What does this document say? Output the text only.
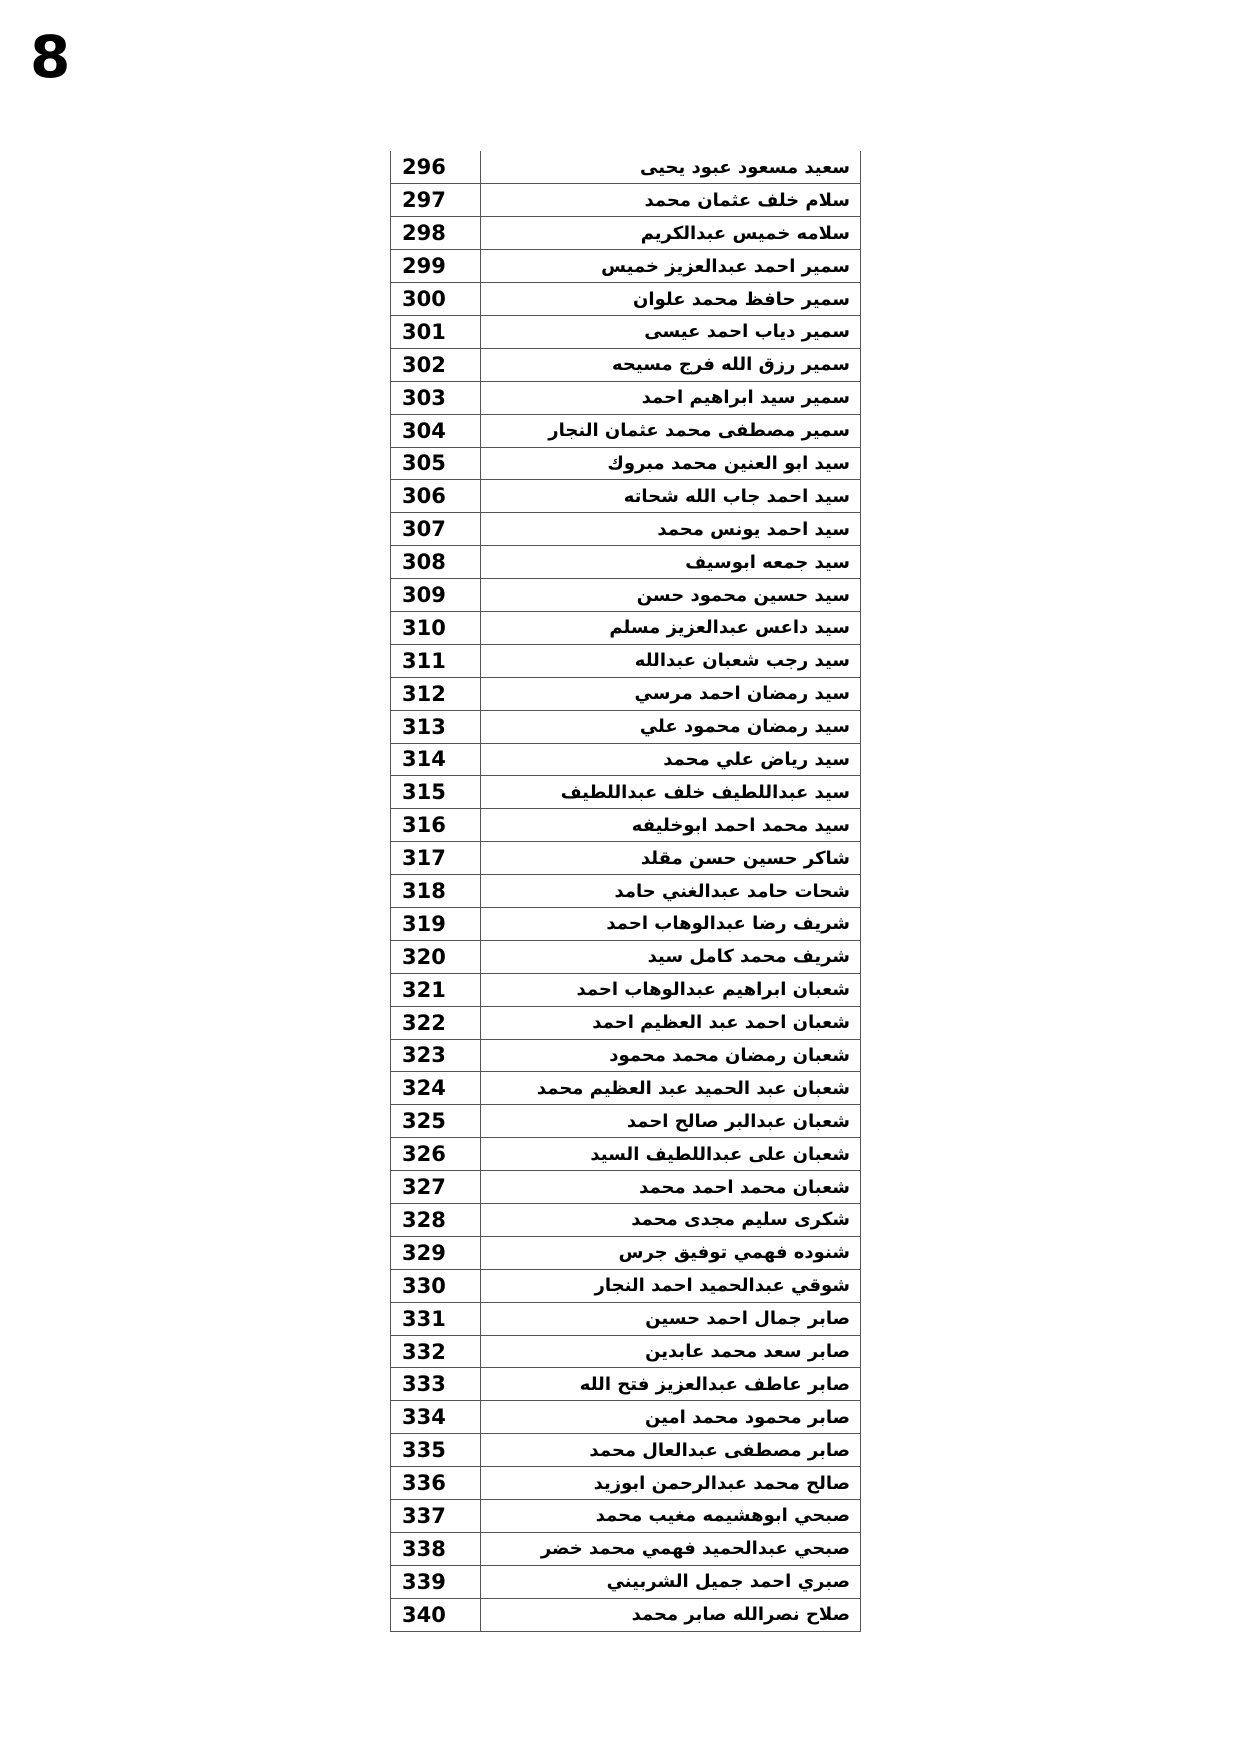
8
296	سعيد مسعود عبود يحيى
297	سلام خلف عثمان محمد
298	سلامه خميس عبدالكريم
299	سمير احمد عبدالعزيز خميس
300	سمير حافظ محمد علوان
301	سمير دياب احمد عيسى
302	سمير رزق الله فرج مسيحه
303	سمير سيد ابراهيم احمد
304	سمير مصطفى محمد عثمان النجار
305	سيد ابو العنين محمد مبروك
306	سيد احمد جاب الله شحاته
307	سيد احمد يونس محمد
308	سيد جمعه ابوسيف
309	سيد حسين محمود حسن
310	سيد داعس عبدالعزيز مسلم
311	سيد رجب شعبان عبدالله
312	سيد رمضان احمد مرسي
313	سيد رمضان محمود علي
314	سيد رياض علي محمد
315	سيد عبداللطيف خلف عبداللطيف
316	سيد محمد احمد ابوخليفه
317	شاكر حسين حسن مقلد
318	شحات حامد عبدالغني حامد
319	شريف رضا عبدالوهاب احمد
320	شريف محمد كامل سيد
321	شعبان ابراهيم عبدالوهاب احمد
322	شعبان احمد عبد العظيم احمد
323	شعبان رمضان محمد محمود
324	شعبان عبد الحميد عبد العظيم محمد
325	شعبان عبدالبر صالح احمد
326	شعبان على عبداللطيف السيد
327	شعبان محمد احمد محمد
328	شكرى سليم مجدى محمد
329	شنوده فهمي توفيق جرس
330	شوقي عبدالحميد احمد النجار
331	صابر جمال احمد حسين
332	صابر سعد محمد عابدين
333	صابر عاطف عبدالعزيز فتح الله
334	صابر محمود محمد امين
335	صابر مصطفى عبدالعال محمد
336	صالح محمد عبدالرحمن ابوزيد
337	صبحي ابوهشيمه مغيب محمد
338	صبحي عبدالحميد فهمي محمد خضر
339	صبري احمد جميل الشربيني
340	صلاح نصرالله صابر محمد
